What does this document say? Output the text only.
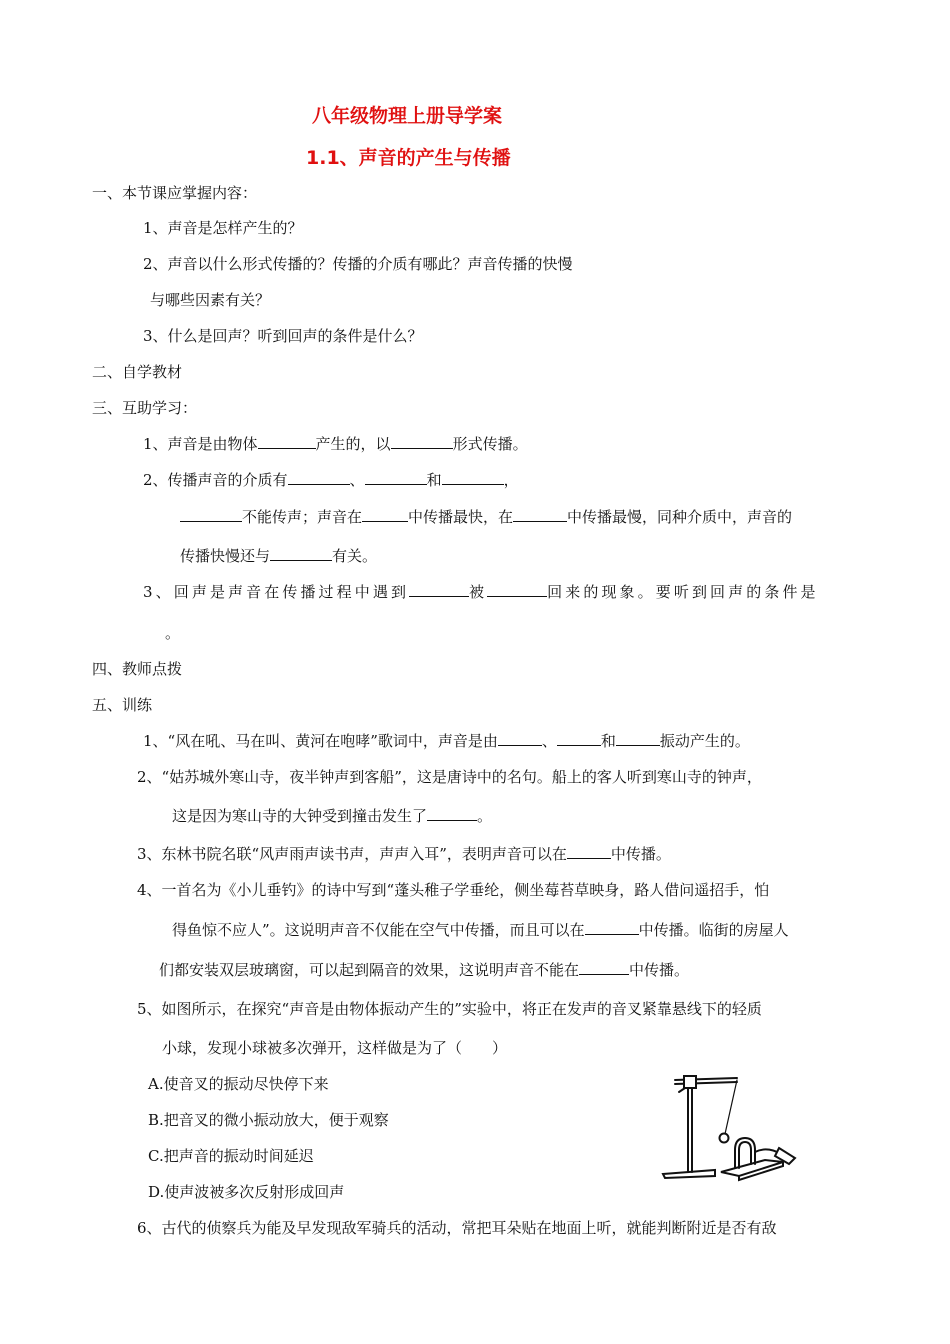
八年级物理上册导学案
1.1、声音的产生与传播
一、本节课应掌握内容：
1、声音是怎样产生的？
2、声音以什么形式传播的？传播的介质有哪此？声音传播的快慢
与哪些因素有关？
3、什么是回声？听到回声的条件是什么？
二、自学教材
三、互助学习：
1、声音是由物体	产生的，以	形式传播。
2、传播声音的介质有	、	和	，
不能传声；声音在	中传播最快，在	中传播最慢，同种介质中，声音的
传播快慢还与	有关。
3、回声是声音在传播过程中遇到	被	回来的现象。要听到回声的条件是
。
四、教师点拨
五、训练
1、“风在吼、马在叫、黄河在咆哮”歌词中，声音是由	、	和	振动产生的。
2、“姑苏城外寒山寺，夜半钟声到客船”，这是唐诗中的名句。船上的客人听到寒山寺的钟声，
这是因为寒山寺的大钟受到撞击发生了	。
3、东林书院名联“风声雨声读书声，声声入耳”，表明声音可以在	中传播。
4、一首名为《小儿垂钓》的诗中写到“蓬头稚子学垂纶，侧坐莓苔草映身，路人借问遥招手，怕
得鱼惊不应人”。这说明声音不仅能在空气中传播，而且可以在	中传播。临街的房屋人
们都安装双层玻璃窗，可以起到隔音的效果，这说明声音不能在	中传播。
5、如图所示，在探究“声音是由物体振动产生的”实验中，将正在发声的音叉紧靠悬线下的轻质
小球，发现小球被多次弹开，这样做是为了（　　）
A.使音叉的振动尽快停下来
B.把音叉的微小振动放大，便于观察
C.把声音的振动时间延迟
D.使声波被多次反射形成回声
6、古代的侦察兵为能及早发现敌军骑兵的活动，常把耳朵贴在地面上听，就能判断附近是否有敌
